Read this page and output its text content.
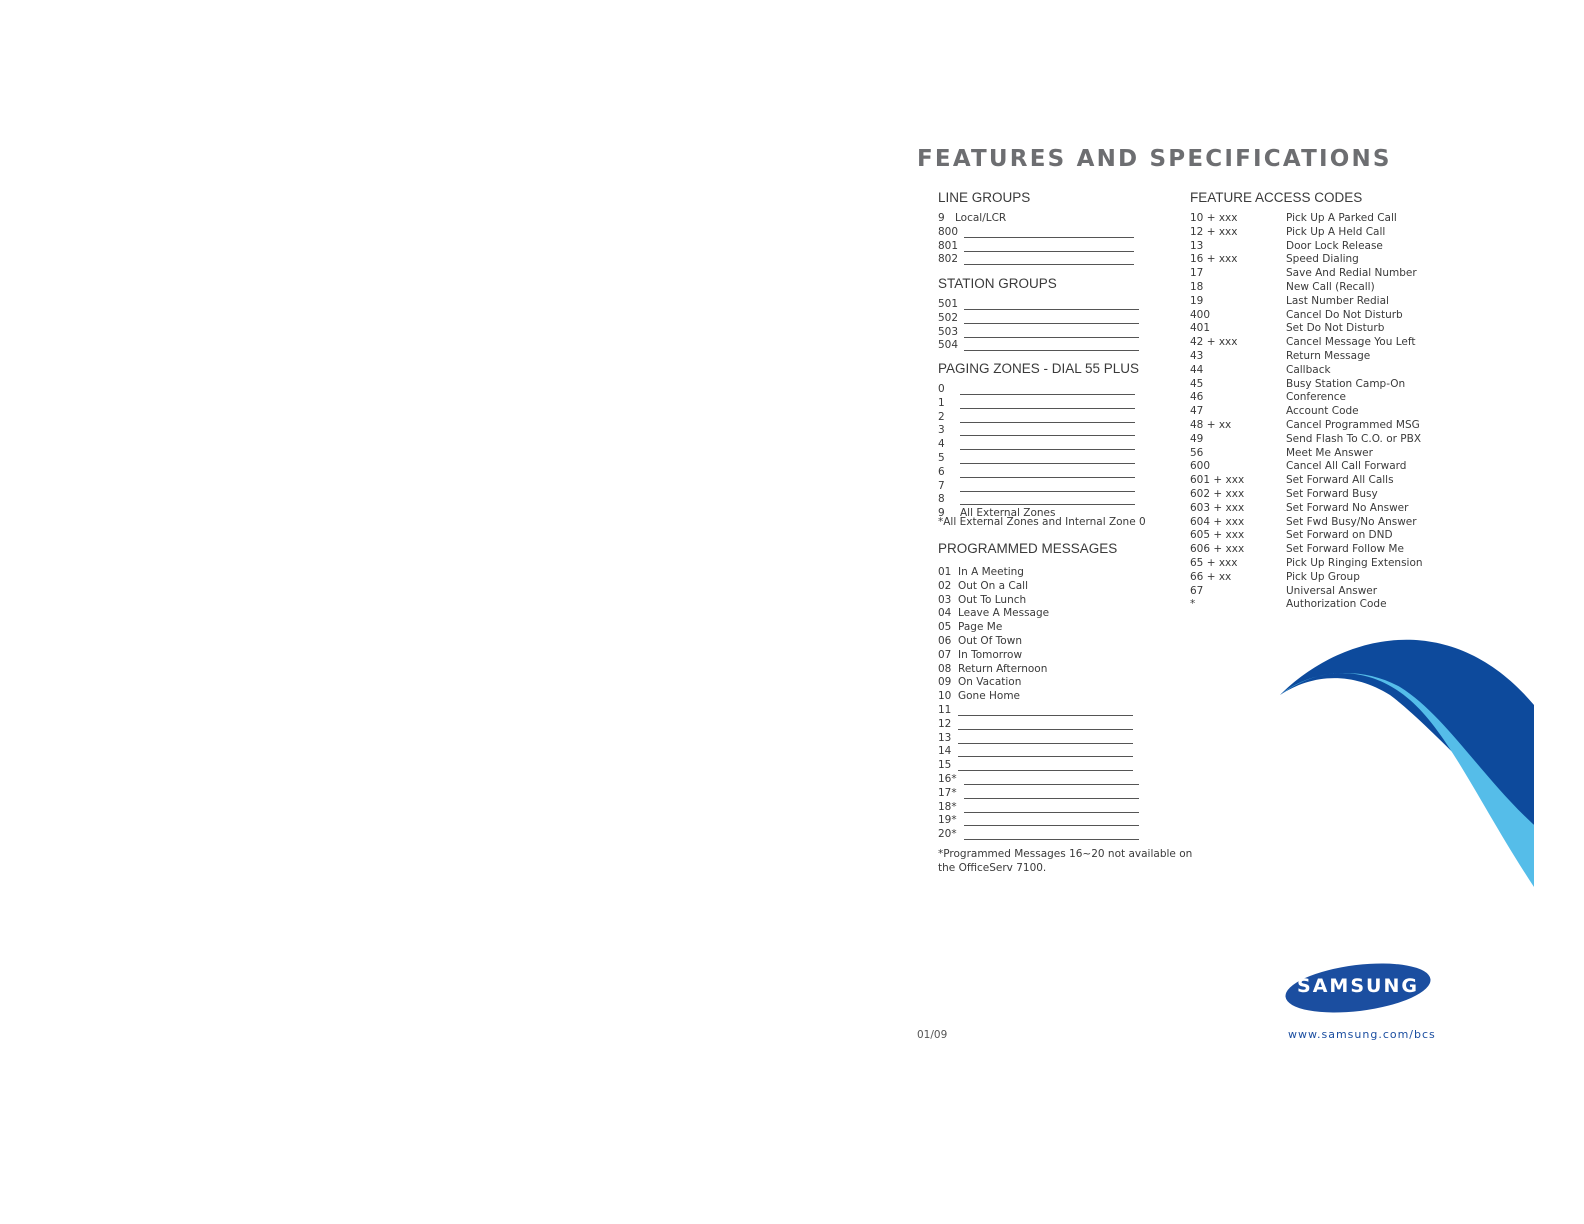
FEATURES AND SPECIFICATIONS
LINE GROUPS
9 Local/LCR
800
801
802
STATION GROUPS
501
502
503
504
PAGING ZONES - DIAL 55 PLUS
0
1
2
3
4
5
6
7
8
9 All External Zones
*All External Zones and Internal Zone 0
PROGRAMMED MESSAGES
01 In A Meeting
02 Out On a Call
03 Out To Lunch
04 Leave A Message
05 Page Me
06 Out Of Town
07 In Tomorrow
08 Return Afternoon
09 On Vacation
10 Gone Home
11
12
13
14
15
16*
17*
18*
19*
20*
*Programmed Messages 16~20 not available on
the OfficeServ 7100.
FEATURE ACCESS CODES
10 + xxx	Pick Up A Parked Call
12 + xxx	Pick Up A Held Call
13	Door Lock Release
16 + xxx	Speed Dialing
17	Save And Redial Number
18	New Call (Recall)
19	Last Number Redial
400	Cancel Do Not Disturb
401	Set Do Not Disturb
42 + xxx	Cancel Message You Left
43	Return Message
44	Callback
45	Busy Station Camp-On
46	Conference
47	Account Code
48 + xx	Cancel Programmed MSG
49	Send Flash To C.O. or PBX
56	Meet Me Answer
600	Cancel All Call Forward
601 + xxx	Set Forward All Calls
602 + xxx	Set Forward Busy
603 + xxx	Set Forward No Answer
604 + xxx	Set Fwd Busy/No Answer
605 + xxx	Set Forward on DND
606 + xxx	Set Forward Follow Me
65 + xxx	Pick Up Ringing Extension
66 + xx	Pick Up Group
67	Universal Answer
*	Authorization Code
SAMSUNG
01/09	www.samsung.com/bcs
